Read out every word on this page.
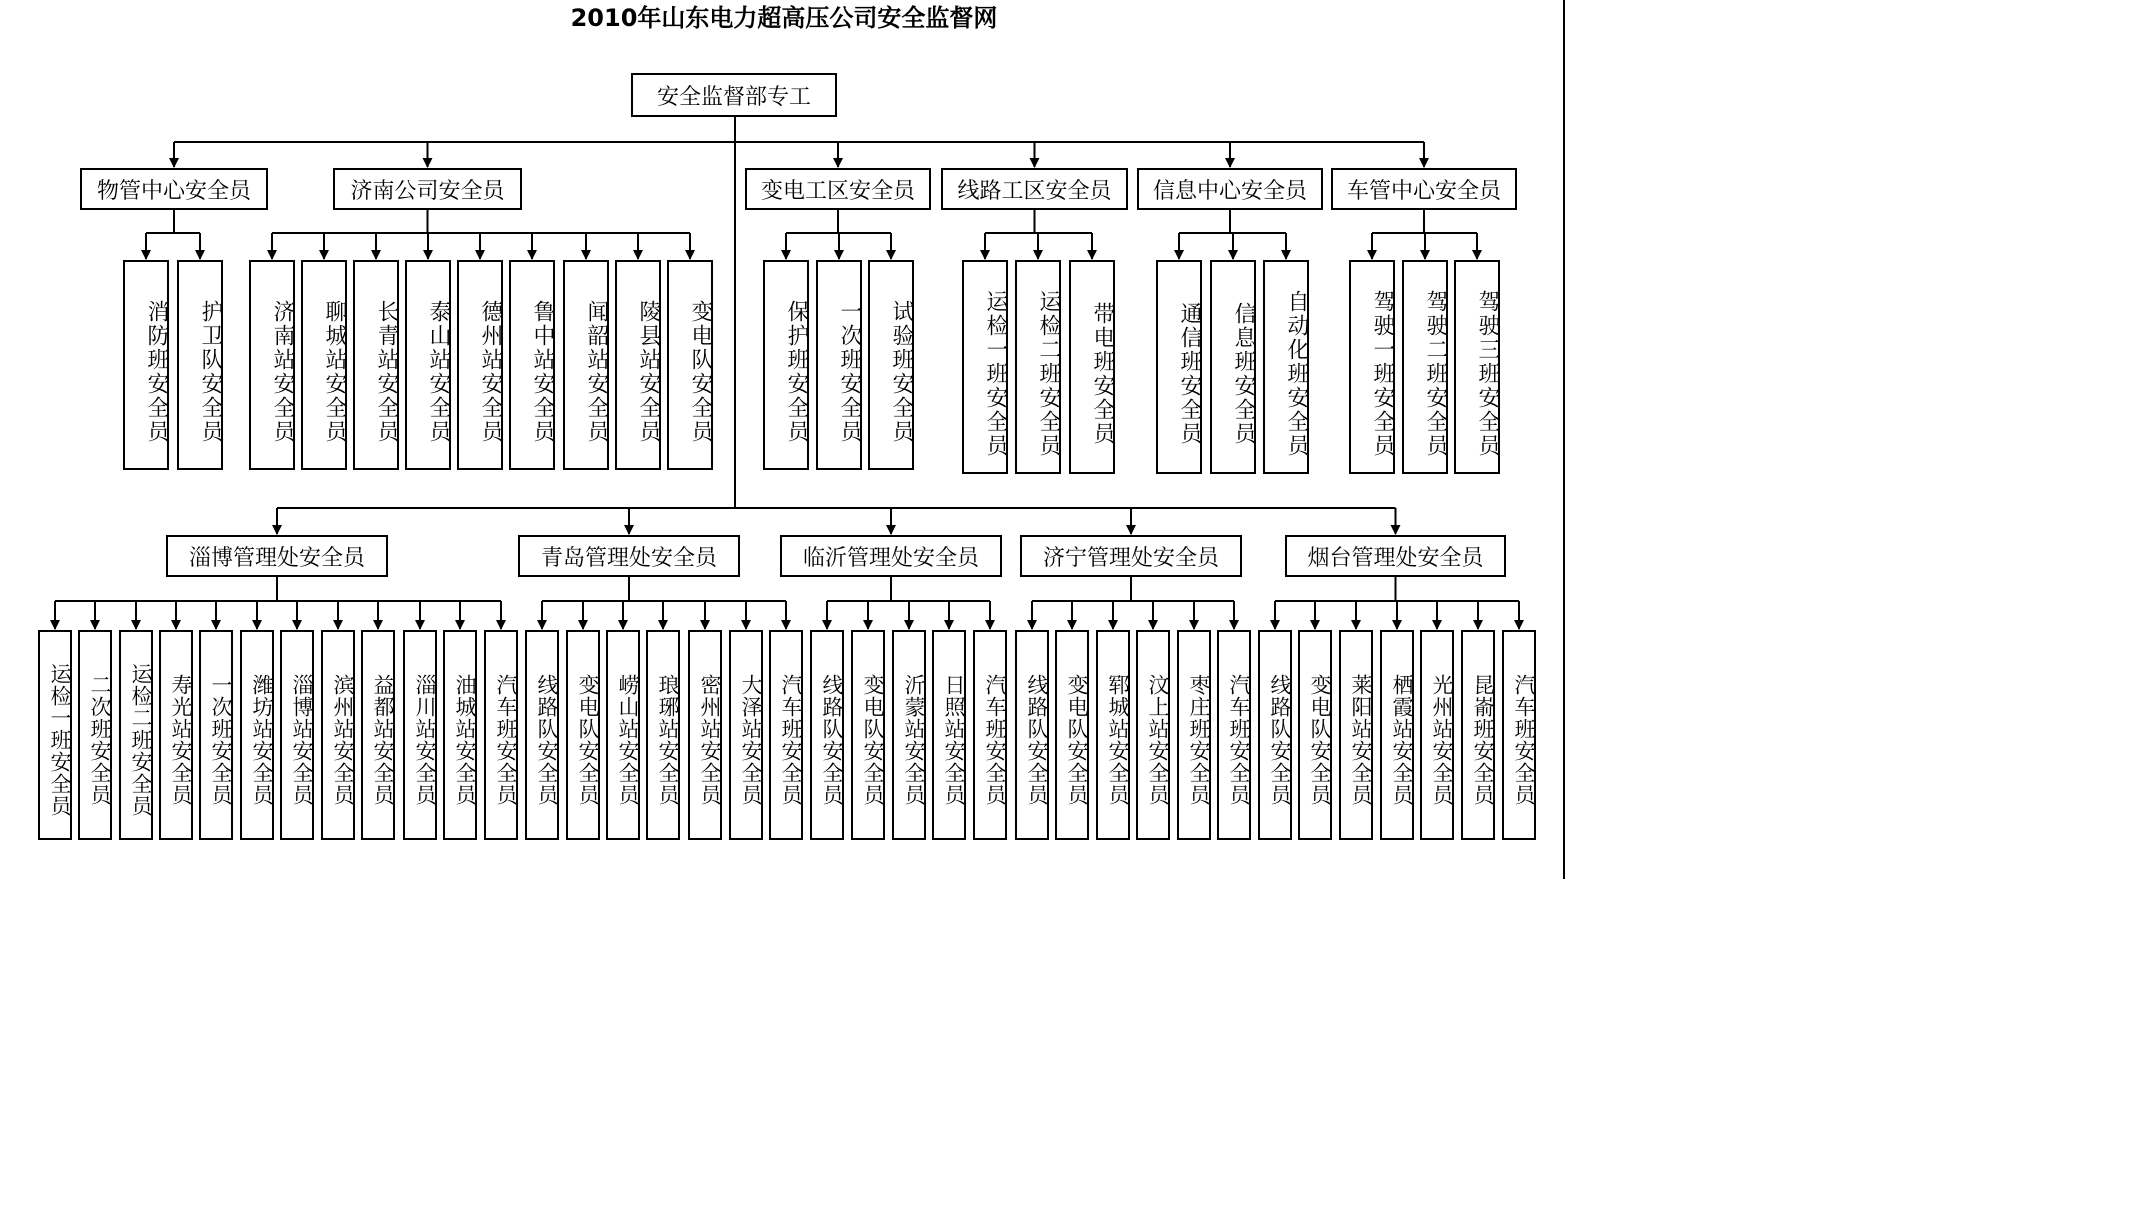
2010年山东电力超高压公司安全监督网
安全监督部专工
物管中心安全员
消防班安全员	护卫队安全员
济南公司安全员
济南站安全员	聊城站安全员	长青站安全员	泰山站安全员	德州站安全员	鲁中站安全员	闻韶站安全员	陵县站安全员	变电队安全员
变电工区安全员
保护班安全员	一次班安全员	试验班安全员
线路工区安全员
运检一班安全员	运检二班安全员	带电班安全员
信息中心安全员
通信班安全员	信息班安全员	自动化班安全员
车管中心安全员
驾驶一班安全员	驾驶二班安全员	驾驶三班安全员
淄博管理处安全员
运检一班安全员 二次班安全员 运检二班安全员 寿光站安全员 一次班安全员 潍坊站安全员 淄博站安全员 滨州站安全员 益都站安全员 淄川站安全员 油城站安全员 汽车班安全员
青岛管理处安全员
线路队安全员 变电队安全员 崂山站安全员 琅琊站安全员 密州站安全员 大泽站安全员 汽车班安全员
临沂管理处安全员
线路队安全员 变电队安全员 沂蒙站安全员 日照站安全员 汽车班安全员
济宁管理处安全员
线路队安全员 变电队安全员 郓城站安全员 汶上站安全员 枣庄班安全员 汽车班安全员
烟台管理处安全员
线路队安全员 变电队安全员 莱阳站安全员 栖霞站安全员 光州站安全员 昆嵛班安全员 汽车班安全员
